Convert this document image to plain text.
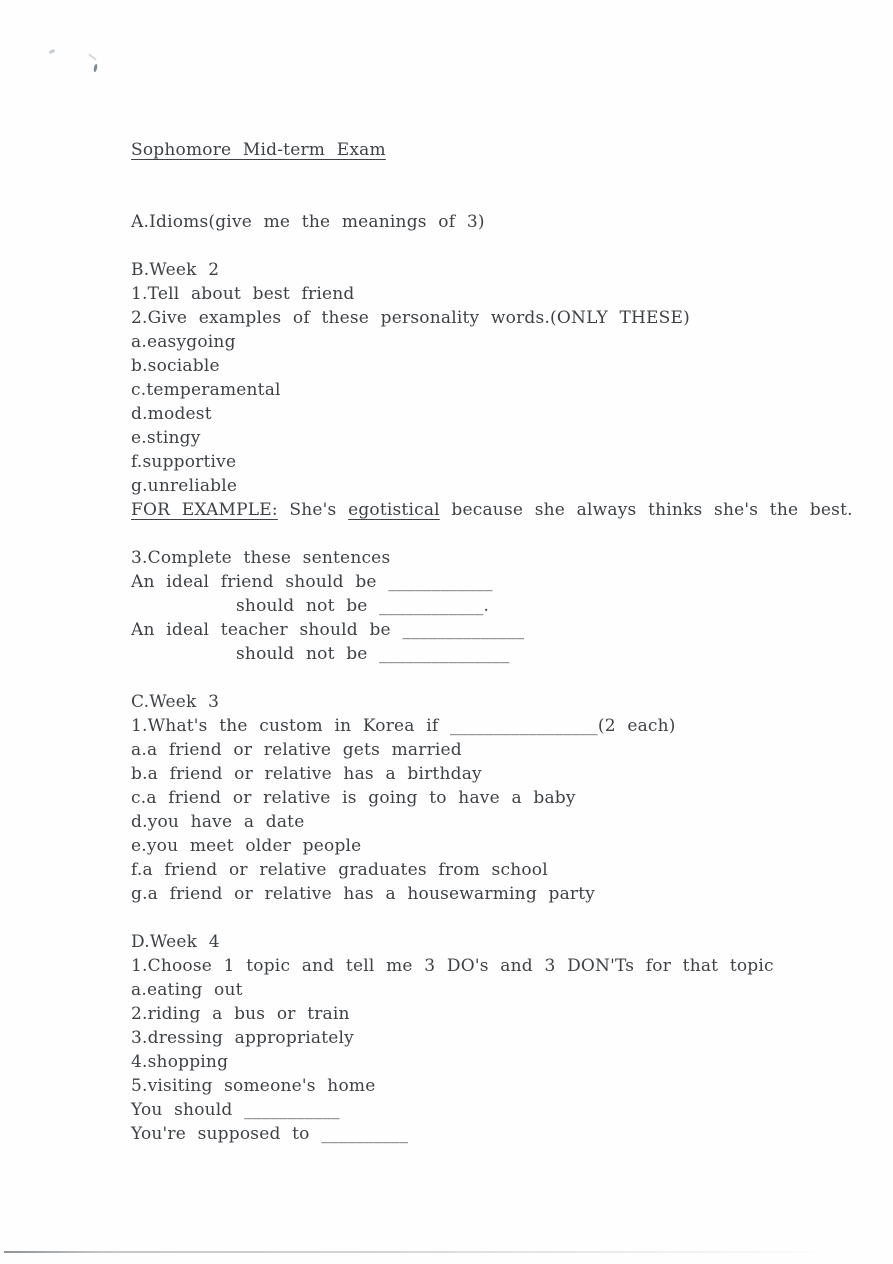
Sophomore Mid-term Exam
A.Idioms(give me the meanings of 3)
B.Week 2
1.Tell about best friend
2.Give examples of these personality words.(ONLY THESE)
a.easygoing
b.sociable
c.temperamental
d.modest
e.stingy
f.supportive
g.unreliable
FOR EXAMPLE: She's egotistical because she always thinks she's the best.
3.Complete these sentences
An ideal friend should be ____________
should not be ____________.
An ideal teacher should be ______________
should not be _______________
C.Week 3
1.What's the custom in Korea if _________________(2 each)
a.a friend or relative gets married
b.a friend or relative has a birthday
c.a friend or relative is going to have a baby
d.you have a date
e.you meet older people
f.a friend or relative graduates from school
g.a friend or relative has a housewarming party
D.Week 4
1.Choose 1 topic and tell me 3 DO's and 3 DON'Ts for that topic
a.eating out
2.riding a bus or train
3.dressing appropriately
4.shopping
5.visiting someone's home
You should ___________
You're supposed to __________
